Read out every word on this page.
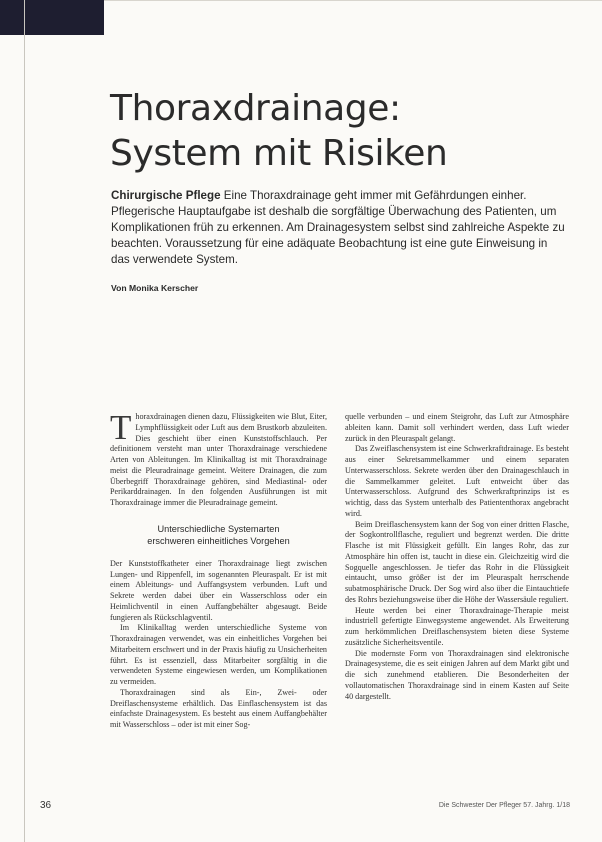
Thoraxdrainage:
System mit Risiken

Chirurgische Pflege Eine Thoraxdrainage geht immer mit Gefährdungen einher. Pflegerische Hauptaufgabe ist deshalb die sorgfältige Überwachung des Patienten, um Komplikationen früh zu erkennen. Am Drainagesystem selbst sind zahlreiche Aspekte zu beachten. Voraussetzung für eine adäquate Beobachtung ist eine gute Einweisung in das verwendete System.

Von Monika Kerscher

Thoraxdrainagen dienen dazu, Flüssigkeiten wie Blut, Eiter, Lymphflüssigkeit oder Luft aus dem Brustkorb abzuleiten. Dies geschieht über einen Kunststoffschlauch. Per definitionem versteht man unter Thoraxdrainage verschiedene Arten von Ableitungen. Im Klinikalltag ist mit Thoraxdrainage meist die Pleuradrainage gemeint. Weitere Drainagen, die zum Überbegriff Thoraxdrainage gehören, sind Mediastinal- oder Perikarddrainagen. In den folgenden Ausführungen ist mit Thoraxdrainage immer die Pleuradrainage gemeint.

Unterschiedliche Systemarten
erschweren einheitliches Vorgehen

Der Kunststoffkatheter einer Thoraxdrainage liegt zwischen Lungen- und Rippenfell, im sogenannten Pleuraspalt. Er ist mit einem Ableitungs- und Auffangsystem verbunden. Luft und Sekrete werden dabei über ein Wasserschloss oder ein Heimlichventil in einen Auffangbehälter abgesaugt. Beide fungieren als Rückschlagventil.

Im Klinikalltag werden unterschiedliche Systeme von Thoraxdrainagen verwendet, was ein einheitliches Vorgehen bei Mitarbeitern erschwert und in der Praxis häufig zu Unsicherheiten führt. Es ist essenziell, dass Mitarbeiter sorgfältig in die verwendeten Systeme eingewiesen werden, um Komplikationen zu vermeiden.

Thoraxdrainagen sind als Ein-, Zwei- oder Dreiflaschensysteme erhältlich. Das Einflaschensystem ist das einfachste Drainagesystem. Es besteht aus einem Auffangbehälter mit Wasserschloss – oder ist mit einer Sog-

quelle verbunden – und einem Steigrohr, das Luft zur Atmosphäre ableiten kann. Damit soll verhindert werden, dass Luft wieder zurück in den Pleuraspalt gelangt.

Das Zweiflaschensystem ist eine Schwerkraftdrainage. Es besteht aus einer Sekretsammelkammer und einem separaten Unterwasserschloss. Sekrete werden über den Drainageschlauch in die Sammelkammer geleitet. Luft entweicht über das Unterwasserschloss. Aufgrund des Schwerkraftprinzips ist es wichtig, dass das System unterhalb des Patiententhorax angebracht wird.

Beim Dreiflaschensystem kann der Sog von einer dritten Flasche, der Sogkontrollflasche, reguliert und begrenzt werden. Die dritte Flasche ist mit Flüssigkeit gefüllt. Ein langes Rohr, das zur Atmosphäre hin offen ist, taucht in diese ein. Gleichzeitig wird die Sogquelle angeschlossen. Je tiefer das Rohr in die Flüssigkeit eintaucht, umso größer ist der im Pleuraspalt herrschende subatmosphärische Druck. Der Sog wird also über die Eintauchtiefe des Rohrs beziehungsweise über die Höhe der Wassersäule reguliert.

Heute werden bei einer Thoraxdrainage-Therapie meist industriell gefertigte Einwegsysteme angewendet. Als Erweiterung zum herkömmlichen Dreiflaschensystem bieten diese Systeme zusätzliche Sicherheitsventile.

Die modernste Form von Thoraxdrainagen sind elektronische Drainagesysteme, die es seit einigen Jahren auf dem Markt gibt und die sich zunehmend etablieren. Die Besonderheiten der vollautomatischen Thoraxdrainage sind in einem Kasten auf Seite 40 dargestellt.

36	Die Schwester Der Pfleger 57. Jahrg. 1/18
